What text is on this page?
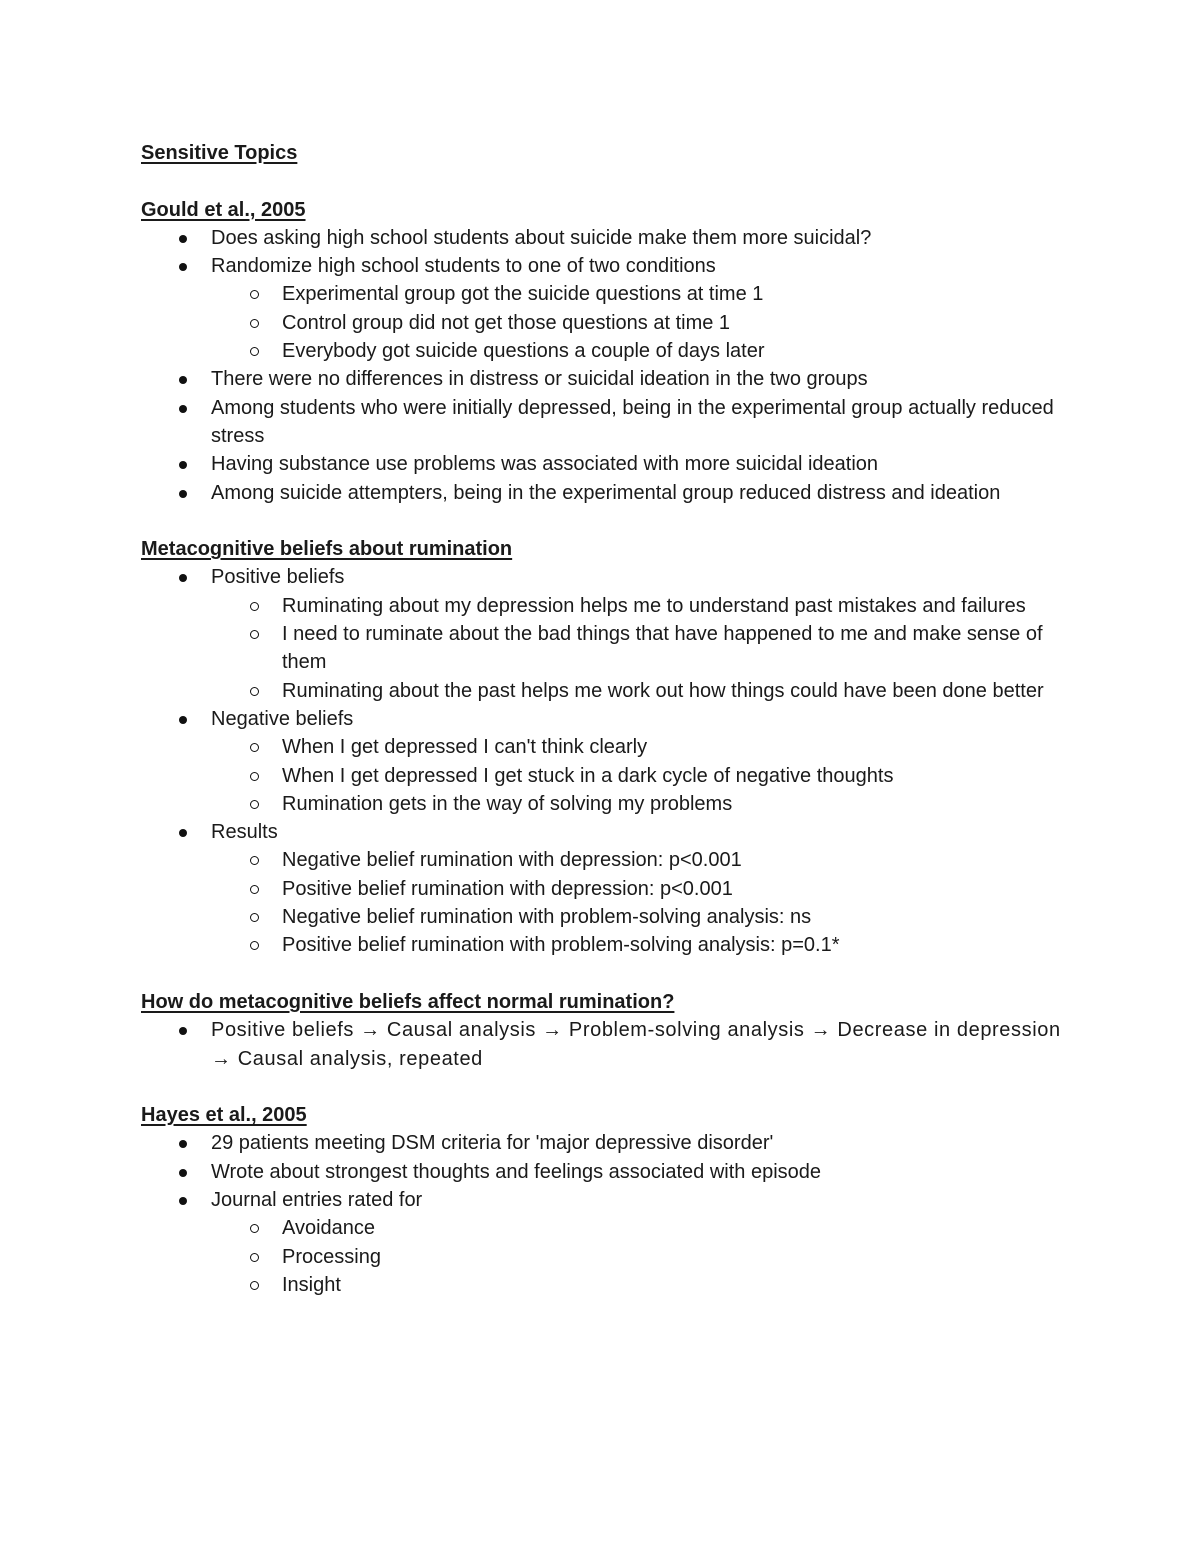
Sensitive Topics
Gould et al., 2005
Does asking high school students about suicide make them more suicidal?
Randomize high school students to one of two conditions
Experimental group got the suicide questions at time 1
Control group did not get those questions at time 1
Everybody got suicide questions a couple of days later
There were no differences in distress or suicidal ideation in the two groups
Among students who were initially depressed, being in the experimental group actually reduced stress
Having substance use problems was associated with more suicidal ideation
Among suicide attempters, being in the experimental group reduced distress and ideation
Metacognitive beliefs about rumination
Positive beliefs
Ruminating about my depression helps me to understand past mistakes and failures
I need to ruminate about the bad things that have happened to me and make sense of them
Ruminating about the past helps me work out how things could have been done better
Negative beliefs
When I get depressed I can't think clearly
When I get depressed I get stuck in a dark cycle of negative thoughts
Rumination gets in the way of solving my problems
Results
Negative belief rumination with depression: p<0.001
Positive belief rumination with depression: p<0.001
Negative belief rumination with problem-solving analysis: ns
Positive belief rumination with problem-solving analysis: p=0.1*
How do metacognitive beliefs affect normal rumination?
Positive beliefs → Causal analysis → Problem-solving analysis → Decrease in depression → Causal analysis, repeated
Hayes et al., 2005
29 patients meeting DSM criteria for 'major depressive disorder'
Wrote about strongest thoughts and feelings associated with episode
Journal entries rated for
Avoidance
Processing
Insight
